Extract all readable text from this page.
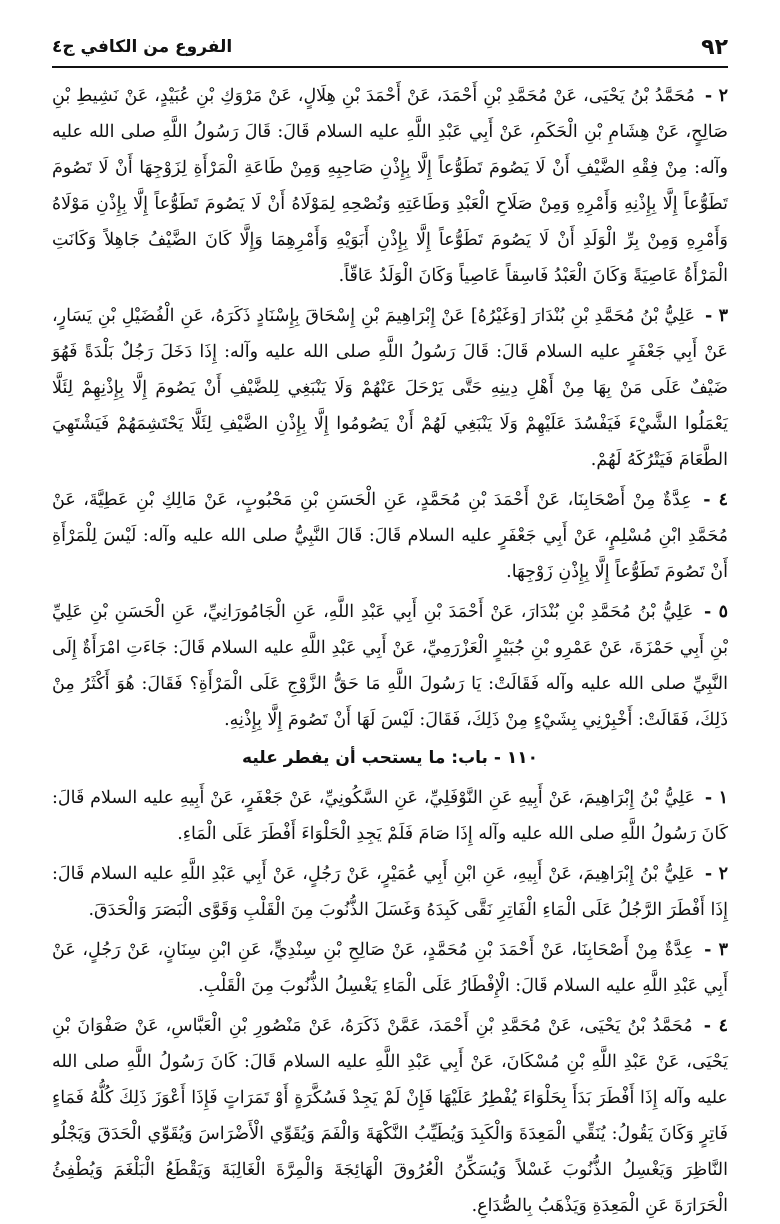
الفروع من الكافي ج٤	٩٢

٢ - مُحَمَّدُ بْنُ يَحْيَى، عَنْ مُحَمَّدِ بْنِ أَحْمَدَ، عَنْ أَحْمَدَ بْنِ هِلَالٍ، عَنْ مَرْوَكِ بْنِ عُبَيْدٍ، عَنْ نَشِيطِ بْنِ صَالِحٍ، عَنْ هِشَامِ بْنِ الْحَكَمِ، عَنْ أَبِي عَبْدِ اللَّهِ عليه السلام قَالَ: قَالَ رَسُولُ اللَّهِ صلى الله عليه وآله: مِنْ فِقْهِ الضَّيْفِ أَنْ لَا يَصُومَ تَطَوُّعاً إِلَّا بِإِذْنِ صَاحِبِهِ وَمِنْ طَاعَةِ الْمَرْأَةِ لِزَوْجِهَا أَنْ لَا تَصُومَ تَطَوُّعاً إِلَّا بِإِذْنِهِ وَأَمْرِهِ وَمِنْ صَلَاحِ الْعَبْدِ وَطَاعَتِهِ وَنُصْحِهِ لِمَوْلَاهُ أَنْ لَا يَصُومَ تَطَوُّعاً إِلَّا بِإِذْنِ مَوْلَاهُ وَأَمْرِهِ وَمِنْ بِرِّ الْوَلَدِ أَنْ لَا يَصُومَ تَطَوُّعاً إِلَّا بِإِذْنِ أَبَوَيْهِ وَأَمْرِهِمَا وَإِلَّا كَانَ الضَّيْفُ جَاهِلاً وَكَانَتِ الْمَرْأَةُ عَاصِيَةً وَكَانَ الْعَبْدُ فَاسِقاً عَاصِياً وَكَانَ الْوَلَدُ عَاقّاً.

٣ - عَلِيُّ بْنُ مُحَمَّدِ بْنِ بُنْدَارَ [وَغَيْرُهُ] عَنْ إِبْرَاهِيمَ بْنِ إِسْحَاقَ بِإِسْنَادٍ ذَكَرَهُ، عَنِ الْفُضَيْلِ بْنِ يَسَارٍ، عَنْ أَبِي جَعْفَرٍ عليه السلام قَالَ: قَالَ رَسُولُ اللَّهِ صلى الله عليه وآله: إِذَا دَخَلَ رَجُلٌ بَلْدَةً فَهُوَ ضَيْفٌ عَلَى مَنْ بِهَا مِنْ أَهْلِ دِينِهِ حَتَّى يَرْحَلَ عَنْهُمْ وَلَا يَنْبَغِي لِلضَّيْفِ أَنْ يَصُومَ إِلَّا بِإِذْنِهِمْ لِئَلَّا يَعْمَلُوا الشَّيْءَ فَيَفْسُدَ عَلَيْهِمْ وَلَا يَنْبَغِي لَهُمْ أَنْ يَصُومُوا إِلَّا بِإِذْنِ الضَّيْفِ لِئَلَّا يَحْتَشِمَهُمْ فَيَشْتَهِيَ الطَّعَامَ فَيَتْرُكَهُ لَهُمْ.

٤ - عِدَّةٌ مِنْ أَصْحَابِنَا، عَنْ أَحْمَدَ بْنِ مُحَمَّدٍ، عَنِ الْحَسَنِ بْنِ مَحْبُوبٍ، عَنْ مَالِكِ بْنِ عَطِيَّةَ، عَنْ مُحَمَّدِ ابْنِ مُسْلِمٍ، عَنْ أَبِي جَعْفَرٍ عليه السلام قَالَ: قَالَ النَّبِيُّ صلى الله عليه وآله: لَيْسَ لِلْمَرْأَةِ أَنْ تَصُومَ تَطَوُّعاً إِلَّا بِإِذْنِ زَوْجِهَا.

٥ - عَلِيُّ بْنُ مُحَمَّدِ بْنِ بُنْدَارَ، عَنْ أَحْمَدَ بْنِ أَبِي عَبْدِ اللَّهِ، عَنِ الْجَامُورَانِيِّ، عَنِ الْحَسَنِ بْنِ عَلِيِّ بْنِ أَبِي حَمْزَةَ، عَنْ عَمْرِو بْنِ جُبَيْرٍ الْعَزْرَمِيِّ، عَنْ أَبِي عَبْدِ اللَّهِ عليه السلام قَالَ: جَاءَتِ امْرَأَةٌ إِلَى النَّبِيِّ صلى الله عليه وآله فَقَالَتْ: يَا رَسُولَ اللَّهِ مَا حَقُّ الزَّوْجِ عَلَى الْمَرْأَةِ؟ فَقَالَ: هُوَ أَكْثَرُ مِنْ ذَلِكَ، فَقَالَتْ: أَخْبِرْنِي بِشَيْءٍ مِنْ ذَلِكَ، فَقَالَ: لَيْسَ لَهَا أَنْ تَصُومَ إِلَّا بِإِذْنِهِ.

١١٠ - باب: ما يستحب أن يفطر عليه

١ - عَلِيُّ بْنُ إِبْرَاهِيمَ، عَنْ أَبِيهِ عَنِ النَّوْفَلِيِّ، عَنِ السَّكُونِيِّ، عَنْ جَعْفَرٍ، عَنْ أَبِيهِ عليه السلام قَالَ: كَانَ رَسُولُ اللَّهِ صلى الله عليه وآله إِذَا صَامَ فَلَمْ يَجِدِ الْحَلْوَاءَ أَفْطَرَ عَلَى الْمَاءِ.

٢ - عَلِيُّ بْنُ إِبْرَاهِيمَ، عَنْ أَبِيهِ، عَنِ ابْنِ أَبِي عُمَيْرٍ، عَنْ رَجُلٍ، عَنْ أَبِي عَبْدِ اللَّهِ عليه السلام قَالَ: إِذَا أَفْطَرَ الرَّجُلُ عَلَى الْمَاءِ الْفَاتِرِ نَقَّى كَبِدَهُ وَغَسَلَ الذُّنُوبَ مِنَ الْقَلْبِ وَقَوَّى الْبَصَرَ وَالْحَدَقَ.

٣ - عِدَّةٌ مِنْ أَصْحَابِنَا، عَنْ أَحْمَدَ بْنِ مُحَمَّدٍ، عَنْ صَالِحِ بْنِ سِنْدِيٍّ، عَنِ ابْنِ سِنَانٍ، عَنْ رَجُلٍ، عَنْ أَبِي عَبْدِ اللَّهِ عليه السلام قَالَ: الْإِفْطَارُ عَلَى الْمَاءِ يَغْسِلُ الذُّنُوبَ مِنَ الْقَلْبِ.

٤ - مُحَمَّدُ بْنُ يَحْيَى، عَنْ مُحَمَّدِ بْنِ أَحْمَدَ، عَمَّنْ ذَكَرَهُ، عَنْ مَنْصُورِ بْنِ الْعَبَّاسِ، عَنْ صَفْوَانَ بْنِ يَحْيَى، عَنْ عَبْدِ اللَّهِ بْنِ مُسْكَانَ، عَنْ أَبِي عَبْدِ اللَّهِ عليه السلام قَالَ: كَانَ رَسُولُ اللَّهِ صلى الله عليه وآله إِذَا أَفْطَرَ بَدَأَ بِحَلْوَاءَ يُفْطِرُ عَلَيْهَا فَإِنْ لَمْ يَجِدْ فَسُكَّرَةٍ أَوْ تَمَرَاتٍ فَإِذَا أَعْوَزَ ذَلِكَ كُلُّهُ فَمَاءٍ فَاتِرٍ وَكَانَ يَقُولُ: يُنَقِّي الْمَعِدَةَ وَالْكَبِدَ وَيُطَيِّبُ النَّكْهَةَ وَالْفَمَ وَيُقَوِّي الْأَضْرَاسَ وَيُقَوِّي الْحَدَقَ وَيَجْلُو النَّاظِرَ وَيَغْسِلُ الذُّنُوبَ غَسْلاً وَيُسَكِّنُ الْعُرُوقَ الْهَائِجَةَ وَالْمِرَّةَ الْغَالِبَةَ وَيَقْطَعُ الْبَلْغَمَ وَيُطْفِئُ الْحَرَارَةَ عَنِ الْمَعِدَةِ وَيَذْهَبُ بِالصُّدَاعِ.
